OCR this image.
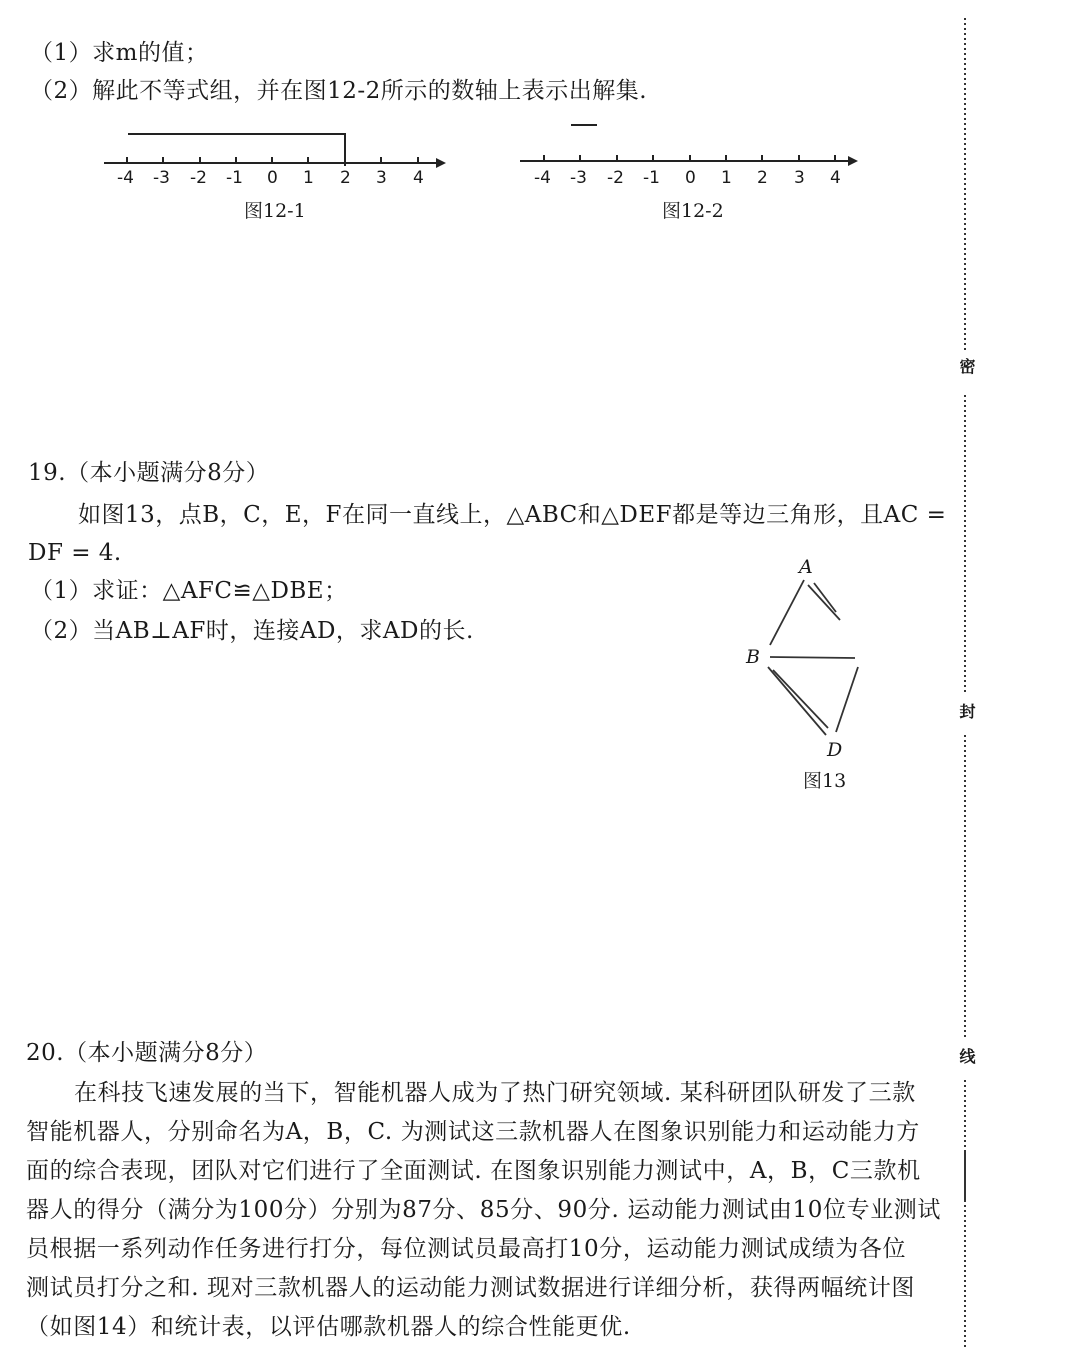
（1）求m的值；
（2）解此不等式组，并在图12-2所示的数轴上表示出解集.
-4 -3 -2 -1 0 1 2 3 4
图12-1
-4 -3 -2 -1 0 1 2 3 4
图12-2
19.（本小题满分8分）
如图13，点B，C，E，F在同一直线上，△ABC和△DEF都是等边三角形，且AC =
DF = 4.
（1）求证：△AFC≌△DBE；
（2）当AB⊥AF时，连接AD，求AD的长.
A
B
D
图13
20.（本小题满分8分）
在科技飞速发展的当下，智能机器人成为了热门研究领域. 某科研团队研发了三款
智能机器人，分别命名为A，B，C. 为测试这三款机器人在图象识别能力和运动能力方
面的综合表现，团队对它们进行了全面测试. 在图象识别能力测试中，A，B，C三款机
器人的得分（满分为100分）分别为87分、85分、90分. 运动能力测试由10位专业测试
员根据一系列动作任务进行打分，每位测试员最高打10分，运动能力测试成绩为各位
测试员打分之和. 现对三款机器人的运动能力测试数据进行详细分析，获得两幅统计图
（如图14）和统计表，以评估哪款机器人的综合性能更优.
密
封
线
